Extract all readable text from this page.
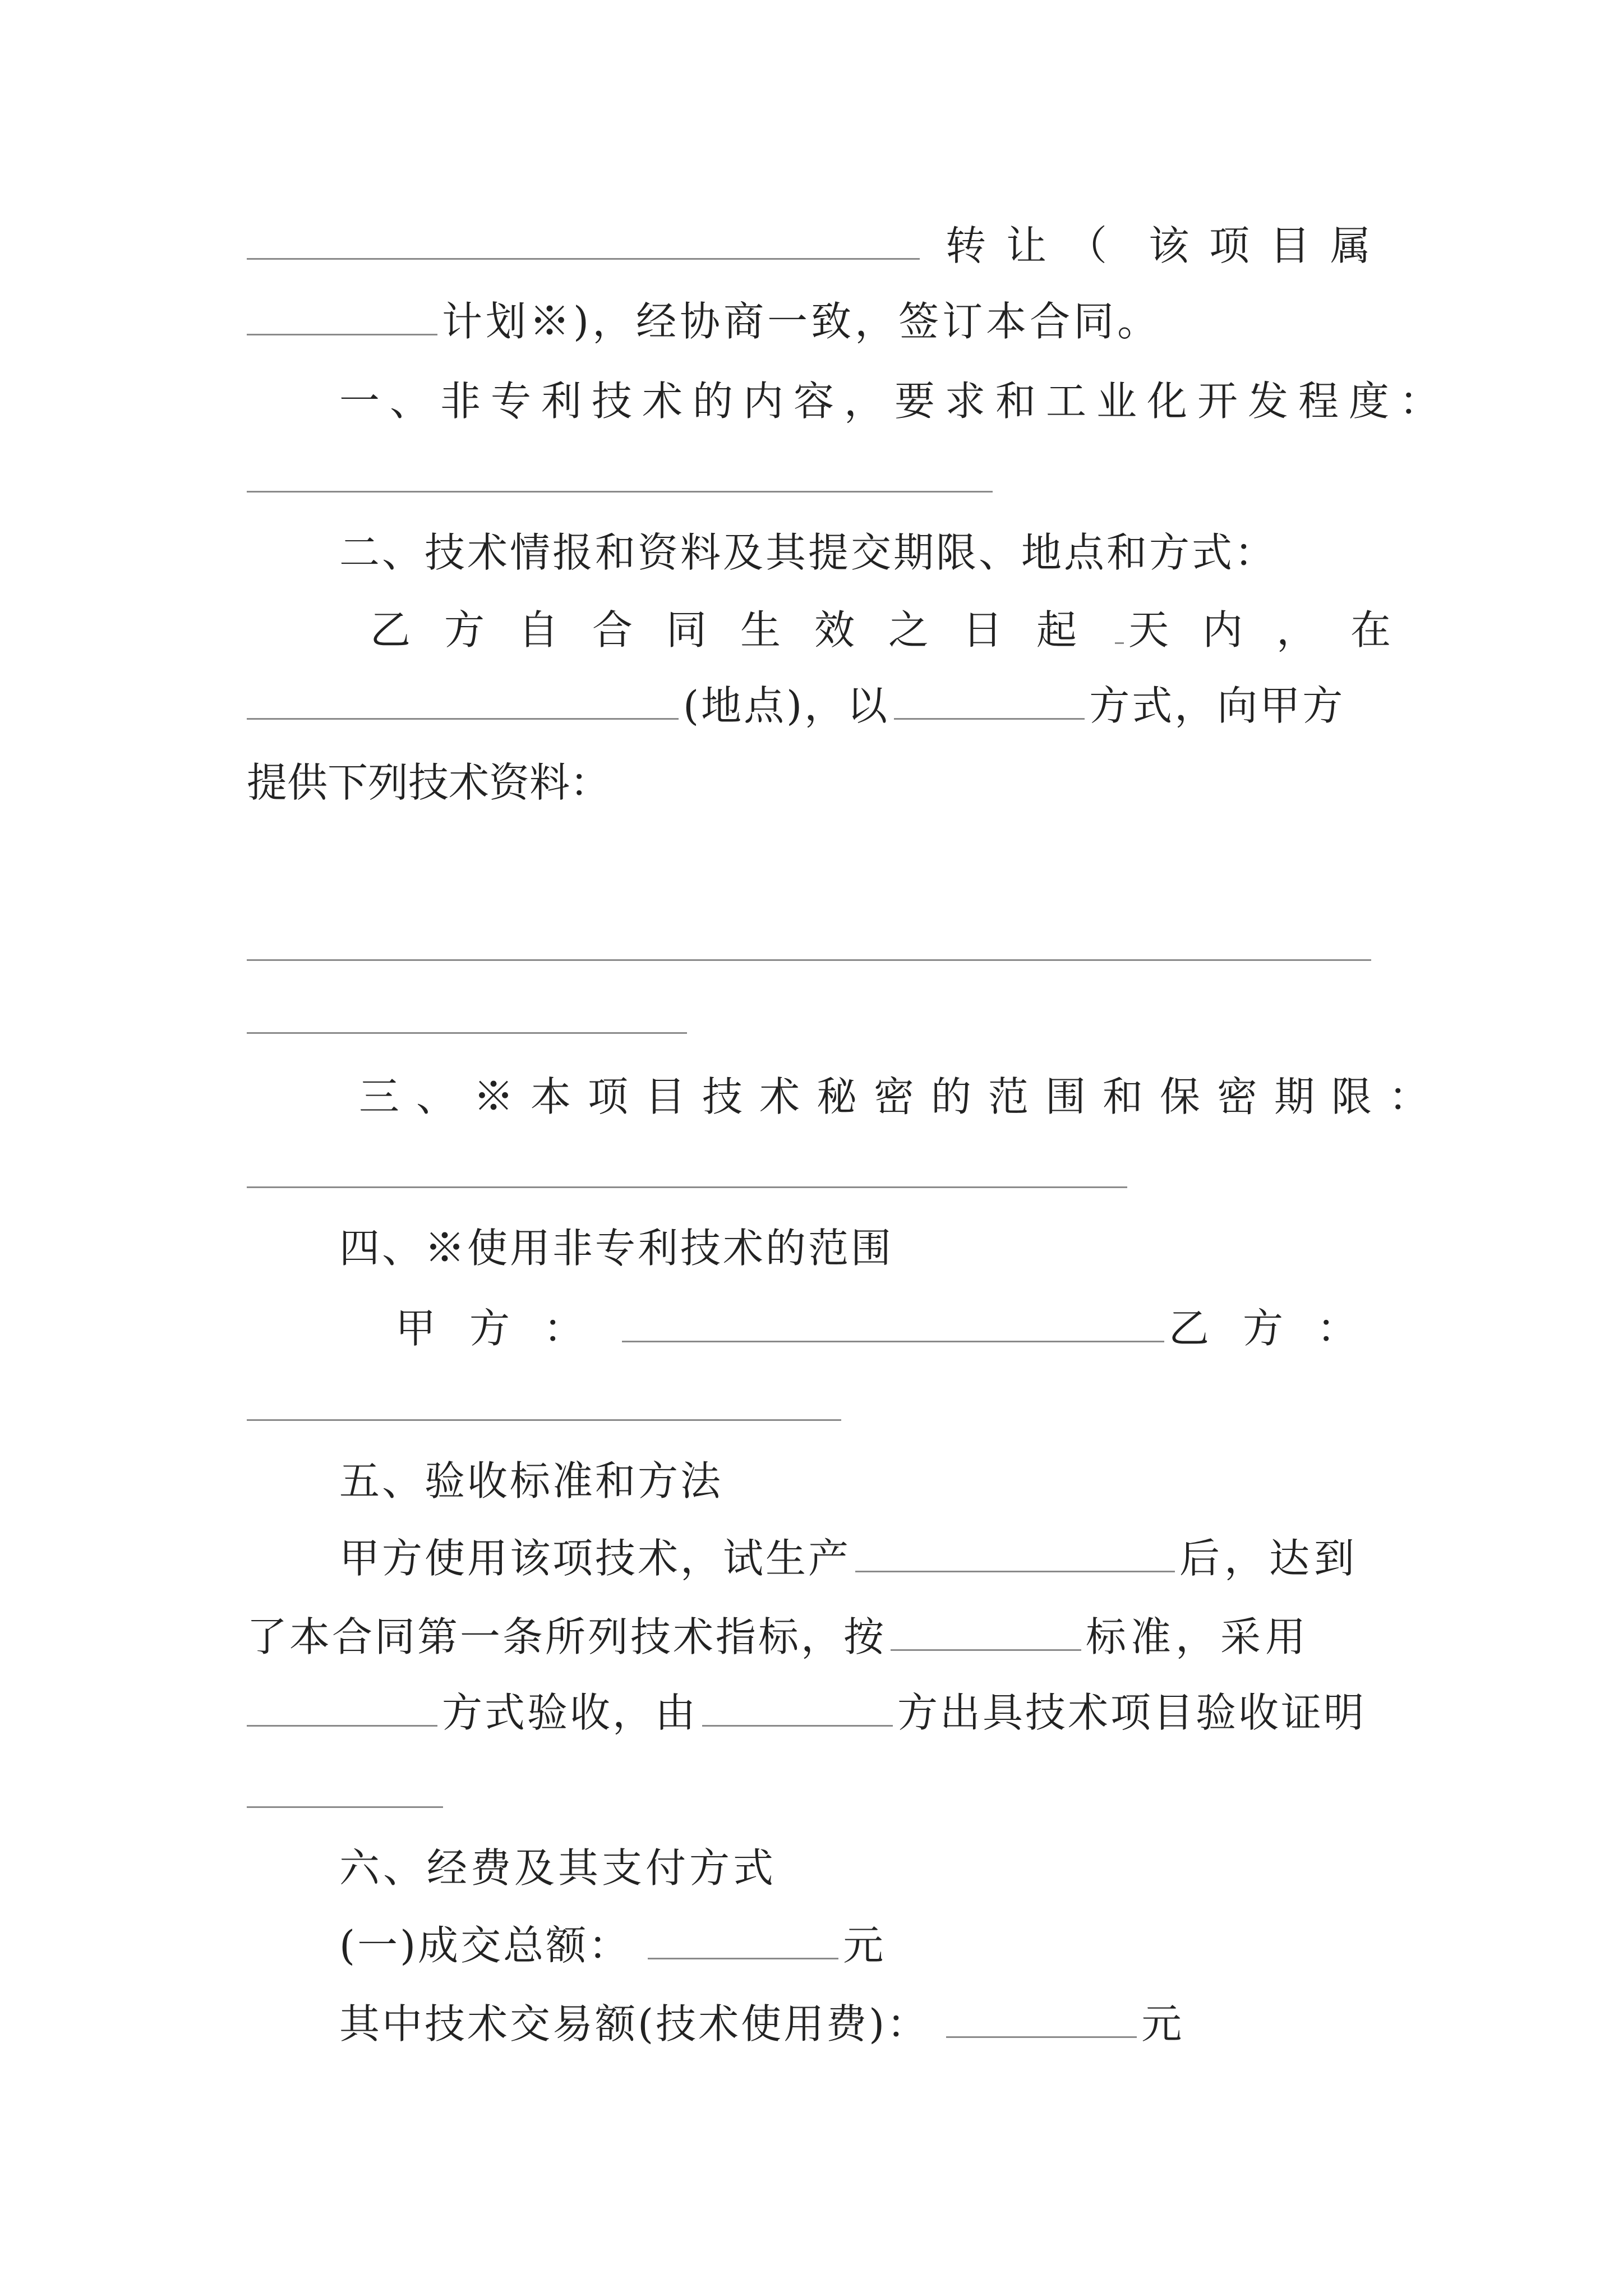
转让（ 该项目属
计划※)，经协商一致，签订本合同。
一、非专利技术的内容，要求和工业化开发程度：
二、技术情报和资料及其提交期限、地点和方式：
乙方自合同生效之日起 天内， 在
(地点)，以	方式，向甲方
提供下列技术资料：
三、※本项目技术秘密的范围和保密期限：
四、※使用非专利技术的范围
甲方：	乙方：
五、验收标准和方法
甲方使用该项技术，试生产	后，达到
了本合同第一条所列技术指标，按	标准，采用
方式验收，由	方出具技术项目验收证明
六、经费及其支付方式
(一)成交总额：	元
其中技术交易额(技术使用费)：	元
